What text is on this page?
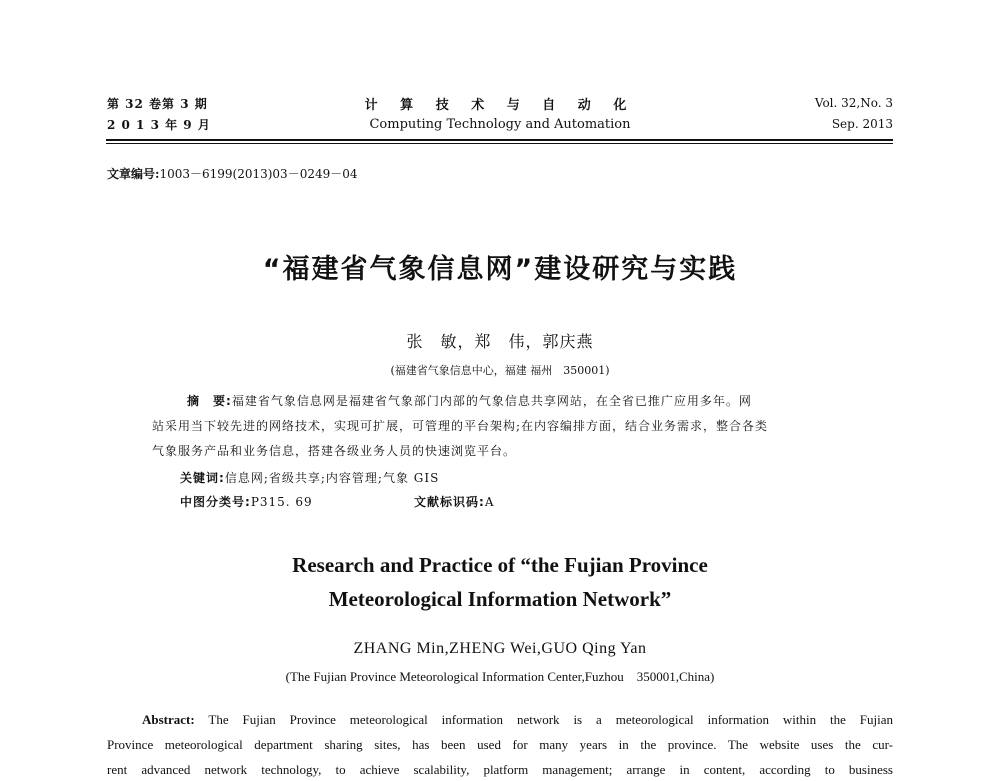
第 32 卷第 3 期
2 0 1 3 年 9 月
计 算 技 术 与 自 动 化
Computing Technology and Automation
Vol. 32,No. 3
Sep. 2013
文章编号:1003－6199(2013)03－0249－04
“福建省气象信息网”建设研究与实践
张　敏，郑　伟，郭庆燕
(福建省气象信息中心，福建 福州　350001)
摘　要:福建省气象信息网是福建省气象部门内部的气象信息共享网站，在全省已推广应用多年。网
站采用当下较先进的网络技术，实现可扩展，可管理的平台架构;在内容编排方面，结合业务需求，整合各类
气象服务产品和业务信息，搭建各级业务人员的快速浏览平台。
关键词:信息网;省级共享;内容管理;气象 GIS
中图分类号:P315. 69	文献标识码:A
Research and Practice of “the Fujian Province
Meteorological Information Network”
ZHANG Min,ZHENG Wei,GUO Qing Yan
(The Fujian Province Meteorological Information Center,Fuzhou　350001,China)
Abstract: The Fujian Province meteorological information network is a meteorological information within the Fujian
Province meteorological department sharing sites, has been used for many years in the province. The website uses the cur-
rent advanced network technology, to achieve scalability, platform management; arrange in content, according to business
